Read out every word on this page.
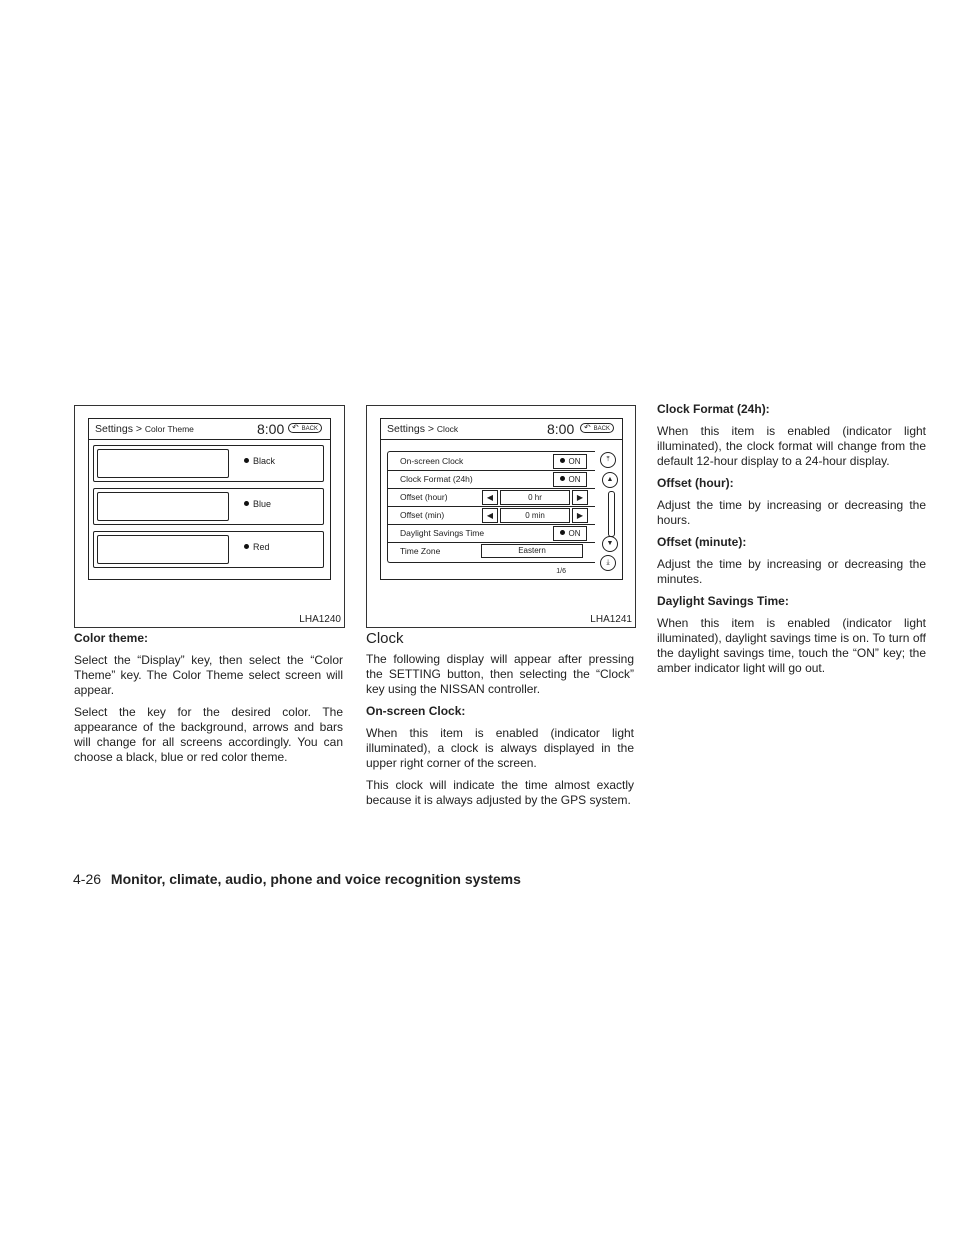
Settings > Color Theme	8:00 ↶ BACK
Black
Blue
Red
LHA1240
Settings > Clock	8:00 ↶ BACK
On-screen Clock	ON
Clock Format (24h)	ON
Offset (hour)	◀	0 hr	▶
Offset (min)	◀	0 min	▶
Daylight Savings Time	ON
Time Zone	Eastern
⤒
▲
▼
⤓
1/6
LHA1241
Color theme:

Select the “Display” key, then select the “Color Theme” key. The Color Theme select screen will appear.

Select the key for the desired color. The appearance of the background, arrows and bars will change for all screens accordingly. You can choose a black, blue or red color theme.

Clock

The following display will appear after pressing the SETTING button, then selecting the “Clock” key using the NISSAN controller.

On-screen Clock:

When this item is enabled (indicator light illuminated), a clock is always displayed in the upper right corner of the screen.

This clock will indicate the time almost exactly because it is always adjusted by the GPS system.

Clock Format (24h):

When this item is enabled (indicator light illuminated), the clock format will change from the default 12-hour display to a 24-hour display.

Offset (hour):

Adjust the time by increasing or decreasing the hours.

Offset (minute):

Adjust the time by increasing or decreasing the minutes.

Daylight Savings Time:

When this item is enabled (indicator light illuminated), daylight savings time is on. To turn off the daylight savings time, touch the “ON” key; the amber indicator light will go out.

4-26 Monitor, climate, audio, phone and voice recognition systems
